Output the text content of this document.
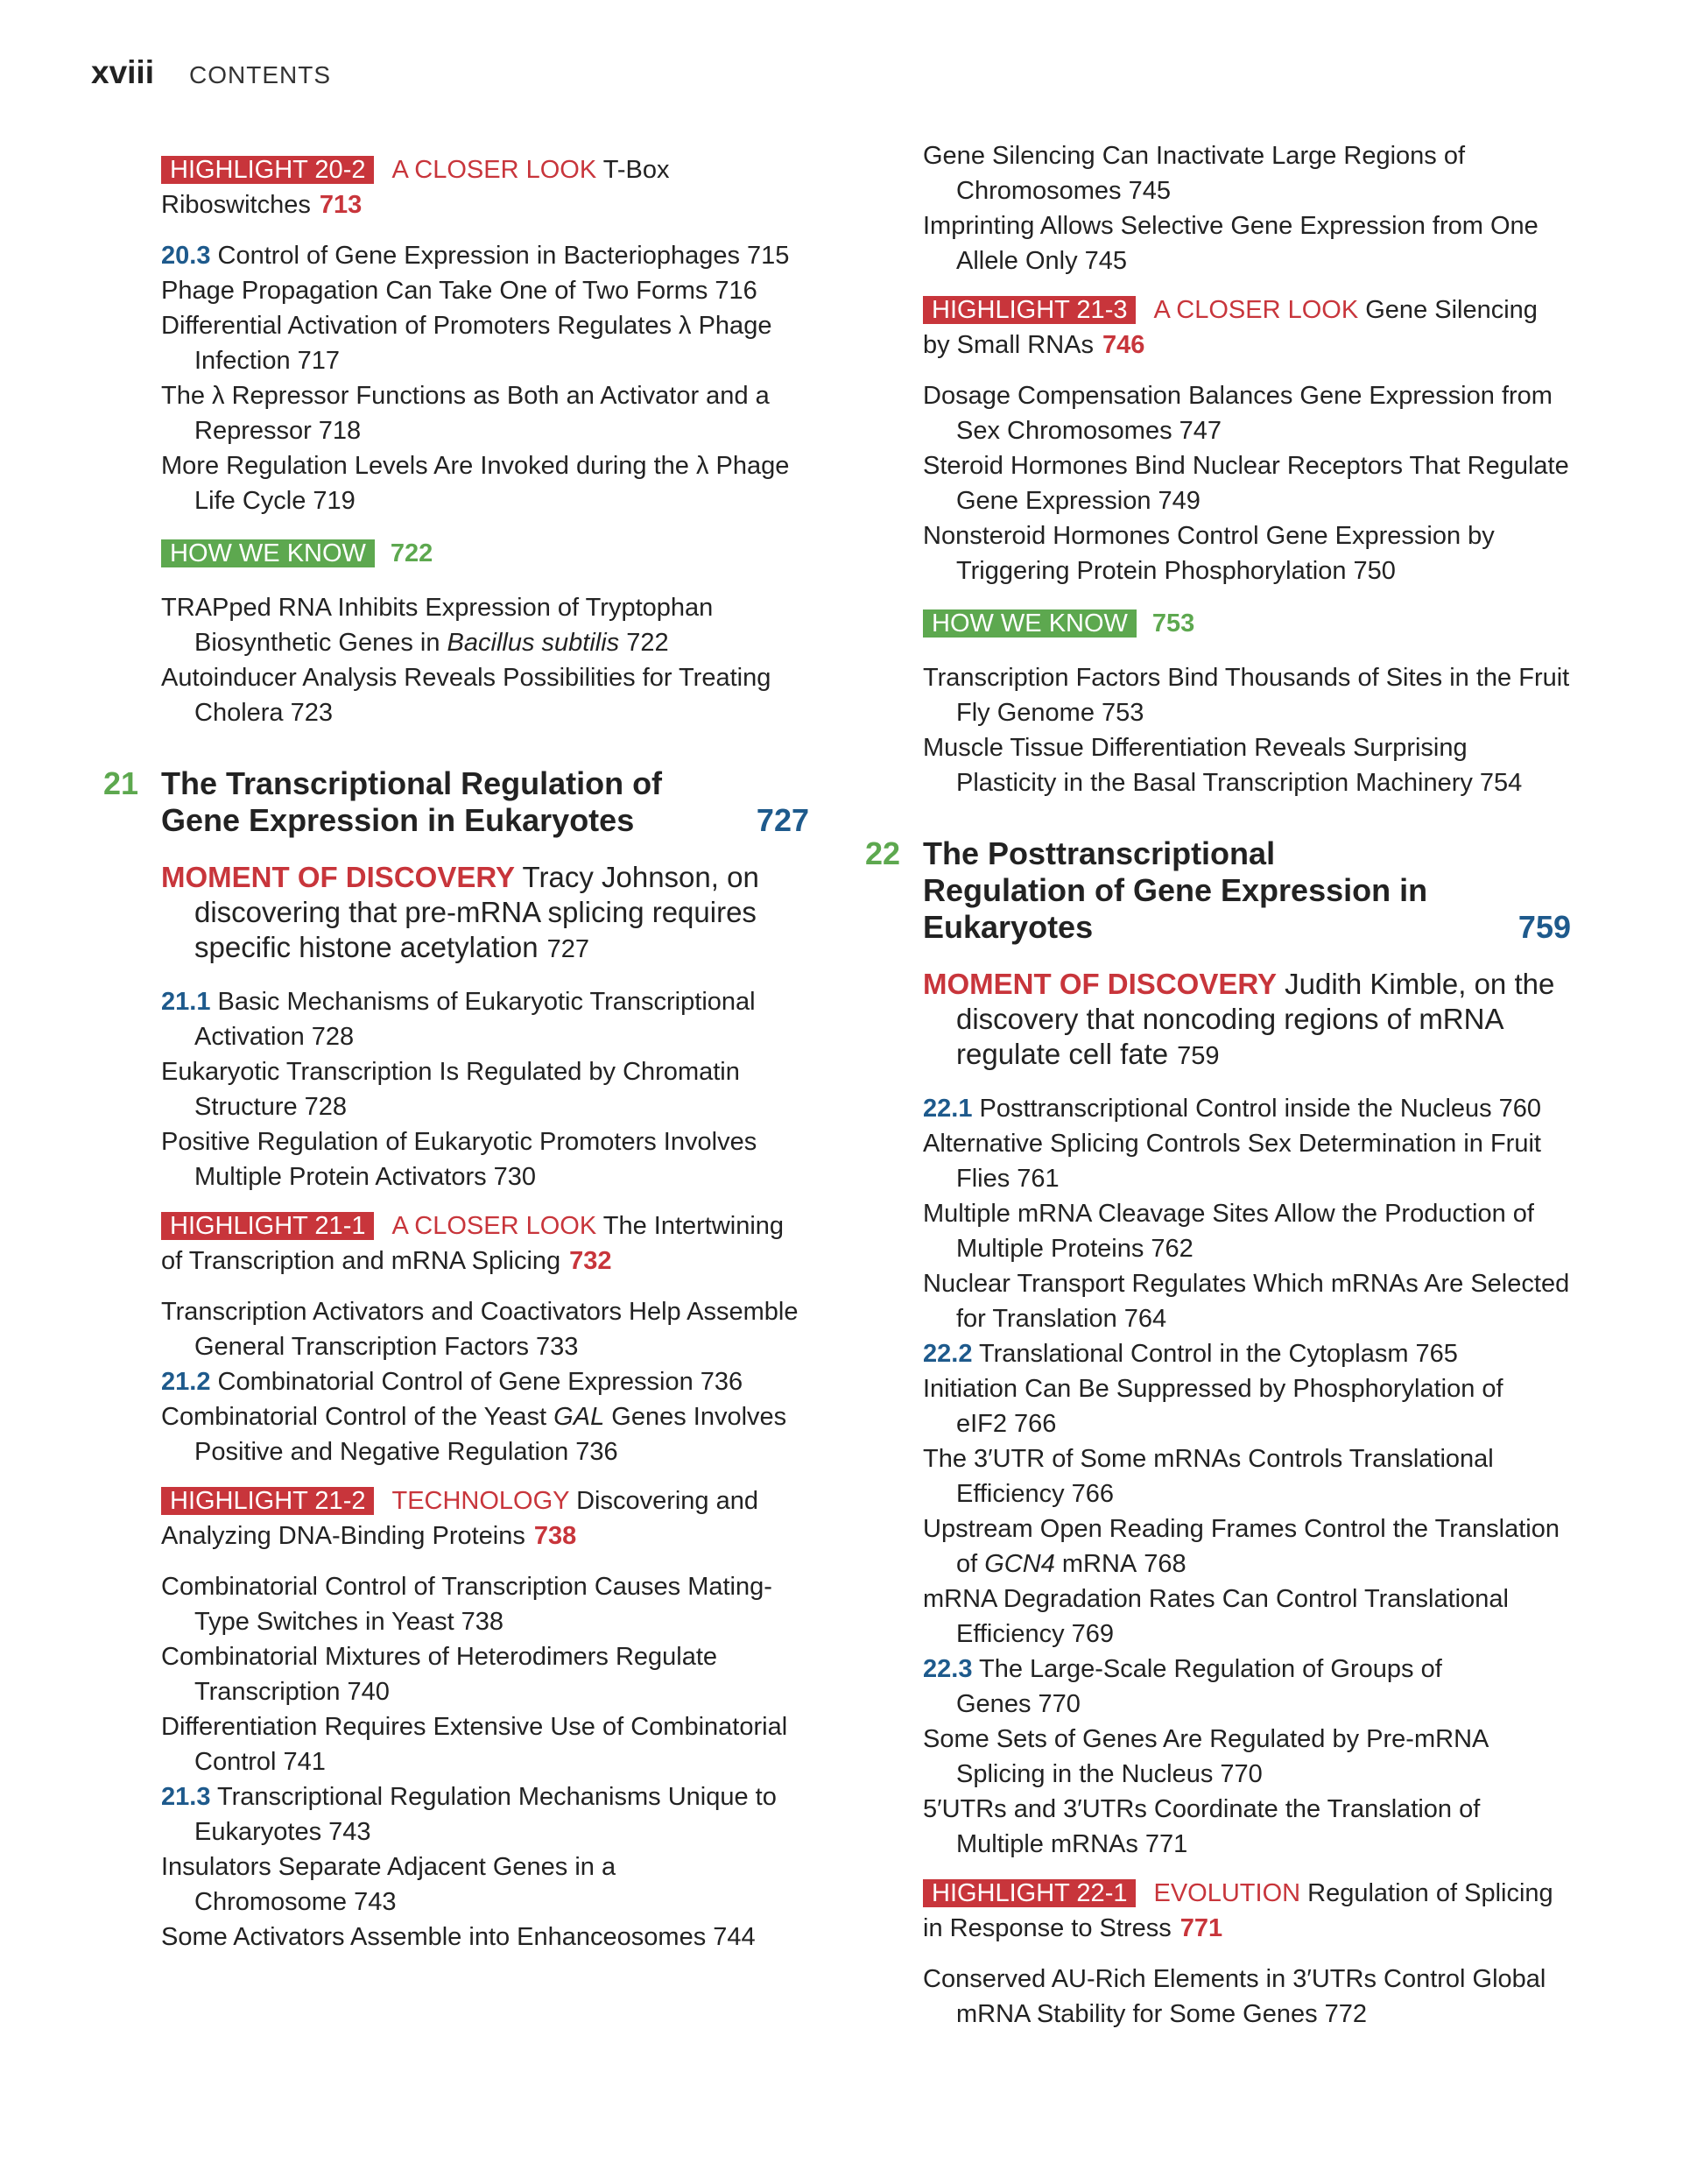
xviii CONTENTS

HIGHLIGHT 20-2 A CLOSER LOOK T-Box Riboswitches 713

20.3 Control of Gene Expression in Bacteriophages 715

Phage Propagation Can Take One of Two Forms 716

Differential Activation of Promoters Regulates λ Phage Infection 717

The λ Repressor Functions as Both an Activator and a Repressor 718

More Regulation Levels Are Invoked during the λ Phage Life Cycle 719

HOW WE KNOW 722

TRAPped RNA Inhibits Expression of Tryptophan Biosynthetic Genes in Bacillus subtilis 722

Autoinducer Analysis Reveals Possibilities for Treating Cholera 723

21 The Transcriptional Regulation of Gene Expression in Eukaryotes	727

MOMENT OF DISCOVERY Tracy Johnson, on discovering that pre-mRNA splicing requires specific histone acetylation 727

21.1 Basic Mechanisms of Eukaryotic Transcriptional Activation 728

Eukaryotic Transcription Is Regulated by Chromatin Structure 728

Positive Regulation of Eukaryotic Promoters Involves Multiple Protein Activators 730

HIGHLIGHT 21-1 A CLOSER LOOK The Intertwining of Transcription and mRNA Splicing 732

Transcription Activators and Coactivators Help Assemble General Transcription Factors 733

21.2 Combinatorial Control of Gene Expression 736

Combinatorial Control of the Yeast GAL Genes Involves Positive and Negative Regulation 736

HIGHLIGHT 21-2 TECHNOLOGY Discovering and Analyzing DNA-Binding Proteins 738

Combinatorial Control of Transcription Causes Mating-Type Switches in Yeast 738

Combinatorial Mixtures of Heterodimers Regulate Transcription 740

Differentiation Requires Extensive Use of Combinatorial Control 741

21.3 Transcriptional Regulation Mechanisms Unique to Eukaryotes 743

Insulators Separate Adjacent Genes in a Chromosome 743

Some Activators Assemble into Enhanceosomes 744

Gene Silencing Can Inactivate Large Regions of Chromosomes 745

Imprinting Allows Selective Gene Expression from One Allele Only 745

HIGHLIGHT 21-3 A CLOSER LOOK Gene Silencing by Small RNAs 746

Dosage Compensation Balances Gene Expression from Sex Chromosomes 747

Steroid Hormones Bind Nuclear Receptors That Regulate Gene Expression 749

Nonsteroid Hormones Control Gene Expression by Triggering Protein Phosphorylation 750

HOW WE KNOW 753

Transcription Factors Bind Thousands of Sites in the Fruit Fly Genome 753

Muscle Tissue Differentiation Reveals Surprising Plasticity in the Basal Transcription Machinery 754

22 The Posttranscriptional Regulation of Gene Expression in Eukaryotes	759

MOMENT OF DISCOVERY Judith Kimble, on the discovery that noncoding regions of mRNA regulate cell fate 759

22.1 Posttranscriptional Control inside the Nucleus 760

Alternative Splicing Controls Sex Determination in Fruit Flies 761

Multiple mRNA Cleavage Sites Allow the Production of Multiple Proteins 762

Nuclear Transport Regulates Which mRNAs Are Selected for Translation 764

22.2 Translational Control in the Cytoplasm 765

Initiation Can Be Suppressed by Phosphorylation of eIF2 766

The 3′UTR of Some mRNAs Controls Translational Efficiency 766

Upstream Open Reading Frames Control the Translation of GCN4 mRNA 768

mRNA Degradation Rates Can Control Translational Efficiency 769

22.3 The Large-Scale Regulation of Groups of Genes 770

Some Sets of Genes Are Regulated by Pre-mRNA Splicing in the Nucleus 770

5′UTRs and 3′UTRs Coordinate the Translation of Multiple mRNAs 771

HIGHLIGHT 22-1 EVOLUTION Regulation of Splicing in Response to Stress 771

Conserved AU-Rich Elements in 3′UTRs Control Global mRNA Stability for Some Genes 772
